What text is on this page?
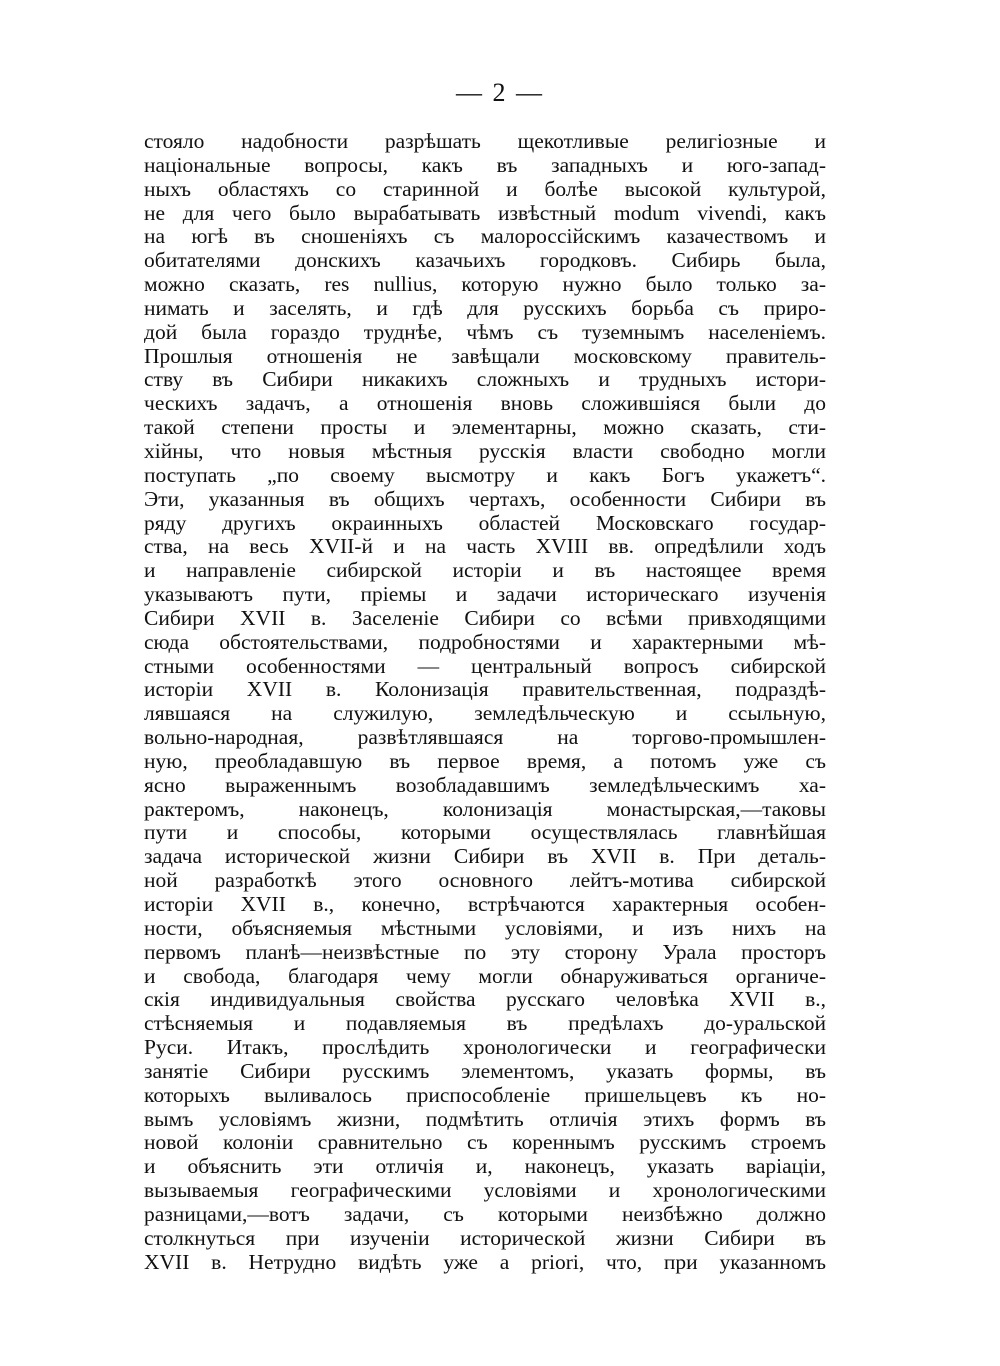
— 2 —
стояло надобности разрѣшать щекотливые религіозные и
національные вопросы, какъ въ западныхъ и юго-запад-
ныхъ областяхъ со старинной и болѣе высокой культурой,
не для чего было вырабатывать извѣстный modum vivendi, какъ
на югѣ въ сношеніяхъ съ малороссійскимъ казачествомъ и
обитателями донскихъ казачьихъ городковъ. Сибирь была,
можно сказать, res nullius, которую нужно было только за-
нимать и заселять, и гдѣ для русскихъ борьба съ приро-
дой была гораздо труднѣе, чѣмъ съ туземнымъ населеніемъ.
Прошлыя отношенія не завѣщали московскому правитель-
ству въ Сибири никакихъ сложныхъ и трудныхъ истори-
ческихъ задачъ, а отношенія вновь сложившіяся были до
такой степени просты и элементарны, можно сказать, сти-
хійны, что новыя мѣстныя русскія власти свободно могли
поступать „по своему высмотру и какъ Богъ укажетъ“.
Эти, указанныя въ общихъ чертахъ, особенности Сибири въ
ряду другихъ окраинныхъ областей Московскаго государ-
ства, на весь XVII-й и на часть XVIII вв. опредѣлили ходъ
и направленіе сибирской исторіи и въ настоящее время
указываютъ пути, пріемы и задачи историческаго изученія
Сибири XVII в. Заселеніе Сибири со всѣми привходящими
сюда обстоятельствами, подробностями и характерными мѣ-
стными особенностями — центральный вопросъ сибирской
исторіи XVII в. Колонизація правительственная, подраздѣ-
лявшаяся на служилую, земледѣльческую и ссыльную,
вольно-народная, развѣтлявшаяся на торгово-промышлен-
ную, преобладавшую въ первое время, а потомъ уже съ
ясно выраженнымъ возобладавшимъ земледѣльческимъ ха-
рактеромъ, наконецъ, колонизація монастырская,—таковы
пути и способы, которыми осуществлялась главнѣйшая
задача исторической жизни Сибири въ XVII в. При деталь-
ной разработкѣ этого основного лейтъ-мотива сибирской
исторіи XVII в., конечно, встрѣчаются характерныя особен-
ности, объясняемыя мѣстными условіями, и изъ нихъ на
первомъ планѣ—неизвѣстные по эту сторону Урала просторъ
и свобода, благодаря чему могли обнаруживаться органиче-
скія индивидуальныя свойства русскаго человѣка XVII в.,
стѣсняемыя и подавляемыя въ предѣлахъ до-уральской
Руси. Итакъ, прослѣдить хронологически и географически
занятіе Сибири русскимъ элементомъ, указать формы, въ
которыхъ выливалось приспособленіе пришельцевъ къ но-
вымъ условіямъ жизни, подмѣтить отличія этихъ формъ въ
новой колоніи сравнительно съ кореннымъ русскимъ строемъ
и объяснить эти отличія и, наконецъ, указать варіаціи,
вызываемыя географическими условіями и хронологическими
разницами,—вотъ задачи, съ которыми неизбѣжно должно
столкнуться при изученіи исторической жизни Сибири въ
XVII в. Нетрудно видѣть уже a priori, что, при указанномъ
